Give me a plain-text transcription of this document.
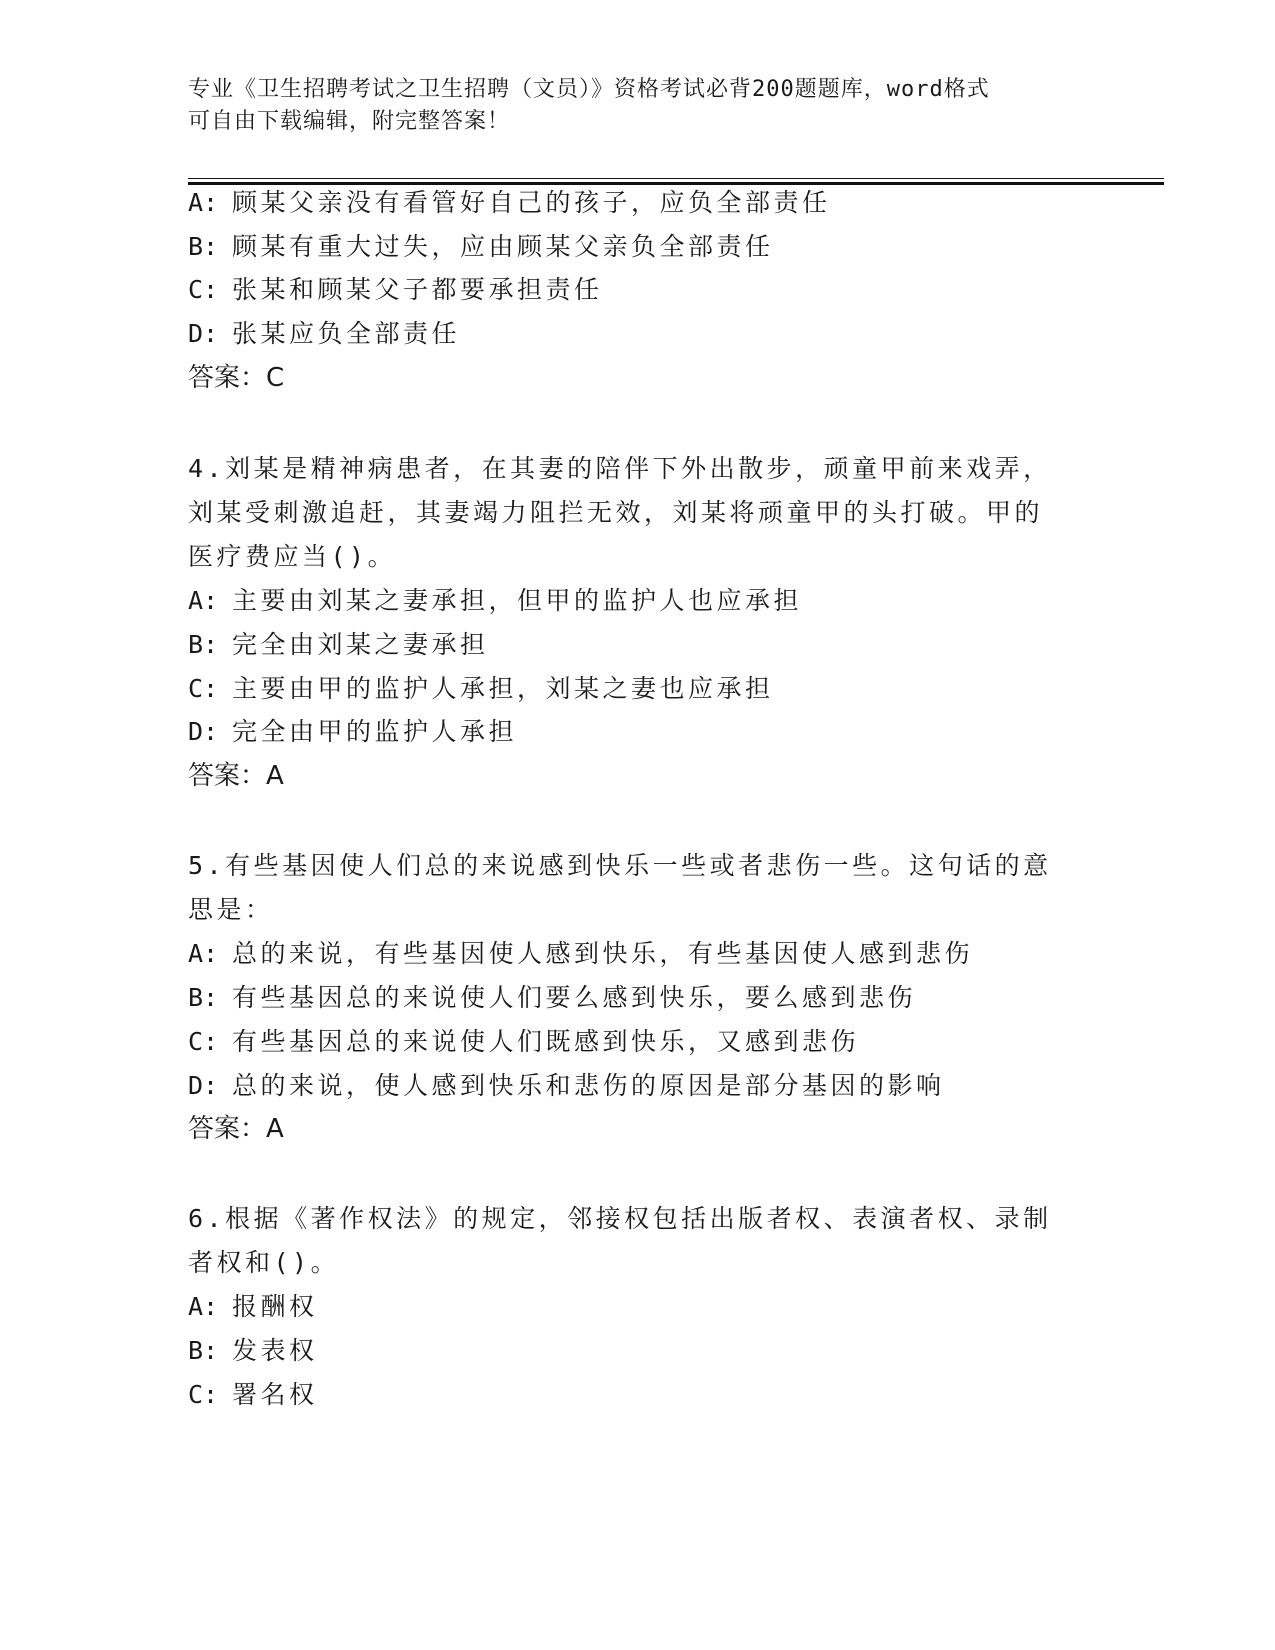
专业《卫生招聘考试之卫生招聘（文员）》资格考试必背200题题库，word格式
可自由下载编辑，附完整答案！
A: 顾某父亲没有看管好自己的孩子，应负全部责任
B: 顾某有重大过失，应由顾某父亲负全部责任
C: 张某和顾某父子都要承担责任
D: 张某应负全部责任
答案：C
4.刘某是精神病患者，在其妻的陪伴下外出散步，顽童甲前来戏弄，
刘某受刺激追赶，其妻竭力阻拦无效，刘某将顽童甲的头打破。甲的
医疗费应当()。
A: 主要由刘某之妻承担，但甲的监护人也应承担
B: 完全由刘某之妻承担
C: 主要由甲的监护人承担，刘某之妻也应承担
D: 完全由甲的监护人承担
答案：A
5.有些基因使人们总的来说感到快乐一些或者悲伤一些。这句话的意
思是：
A: 总的来说，有些基因使人感到快乐，有些基因使人感到悲伤
B: 有些基因总的来说使人们要么感到快乐，要么感到悲伤
C: 有些基因总的来说使人们既感到快乐，又感到悲伤
D: 总的来说，使人感到快乐和悲伤的原因是部分基因的影响
答案：A
6.根据《著作权法》的规定，邻接权包括出版者权、表演者权、录制
者权和()。
A: 报酬权
B: 发表权
C: 署名权
